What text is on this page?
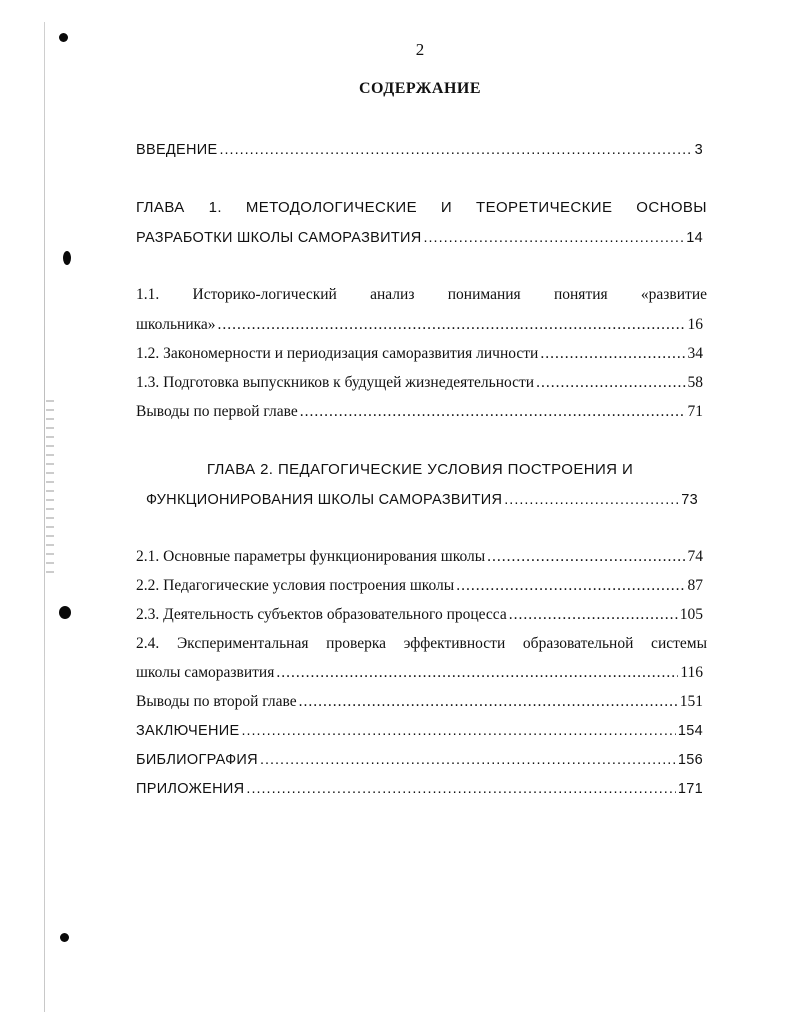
2
СОДЕРЖАНИЕ
ВВЕДЕНИЕ .....	3
ГЛАВА 1. МЕТОДОЛОГИЧЕСКИЕ И ТЕОРЕТИЧЕСКИЕ ОСНОВЫ
РАЗРАБОТКИ ШКОЛЫ САМОРАЗВИТИЯ .....	14
1.1. Историко-логический анализ понимания понятия «развитие
школьника» .....	16
1.2. Закономерности и периодизация саморазвития личности .....	34
1.3. Подготовка выпускников к будущей жизнедеятельности .....	58
Выводы по первой главе .....	71
ГЛАВА 2. ПЕДАГОГИЧЕСКИЕ УСЛОВИЯ ПОСТРОЕНИЯ И
ФУНКЦИОНИРОВАНИЯ ШКОЛЫ САМОРАЗВИТИЯ .....	73
2.1. Основные параметры функционирования школы .....	74
2.2. Педагогические условия построения школы .....	87
2.3. Деятельность субъектов образовательного процесса .....	105
2.4. Экспериментальная проверка эффективности образовательной системы
школы саморазвития .....	116
Выводы по второй главе .....	151
ЗАКЛЮЧЕНИЕ .....	154
БИБЛИОГРАФИЯ .....	156
ПРИЛОЖЕНИЯ .....	171
